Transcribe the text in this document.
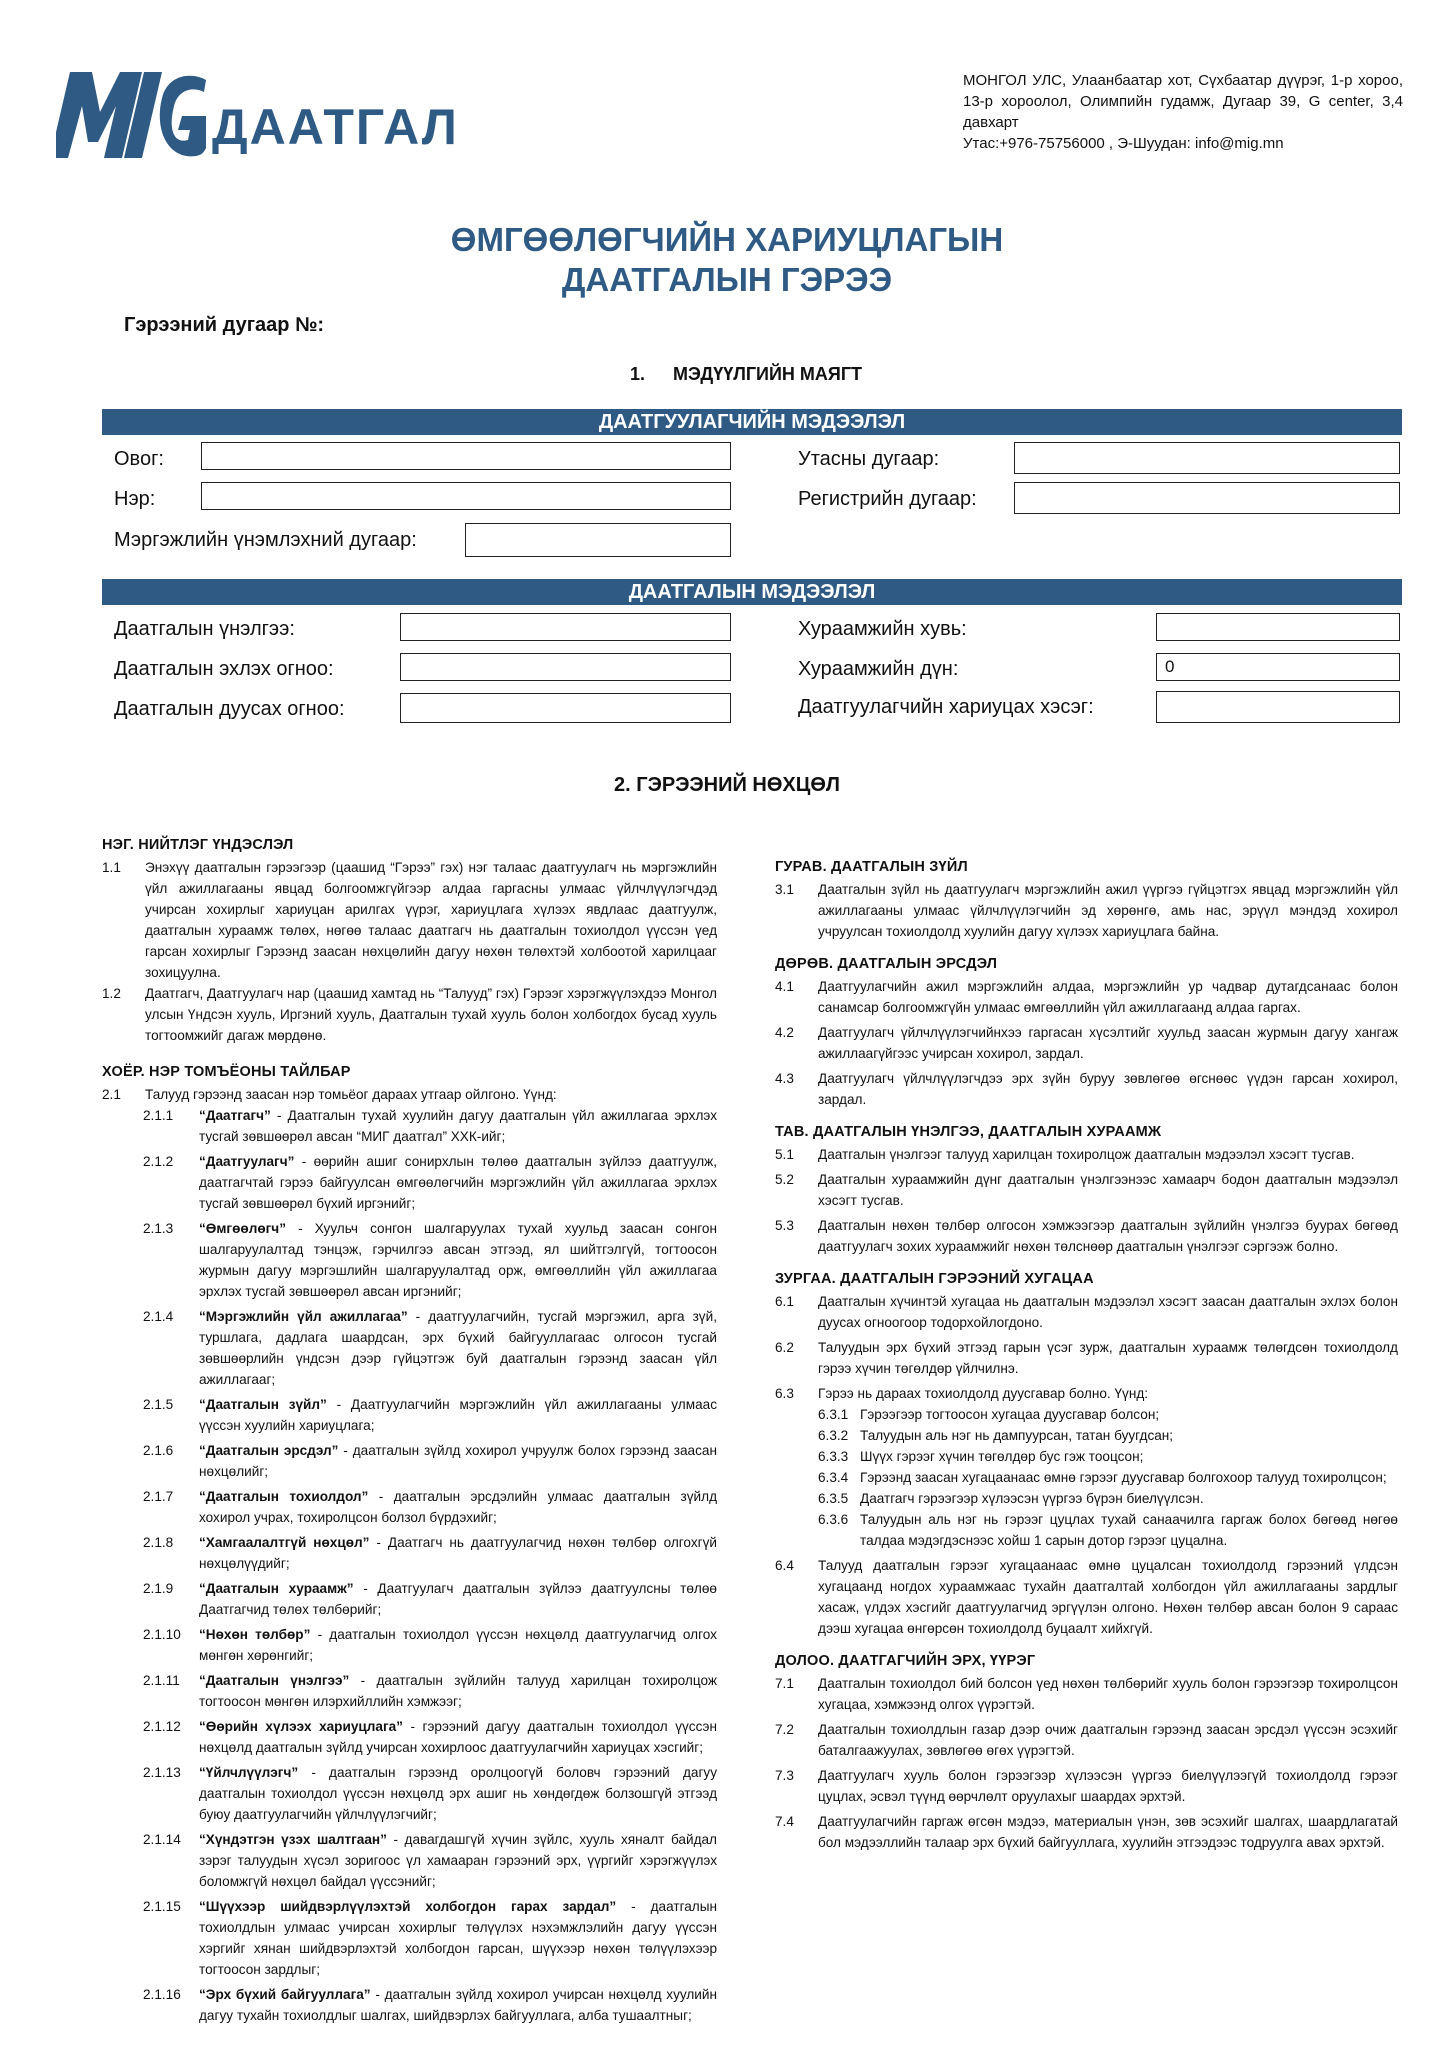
ДААТГАЛ
МОНГОЛ УЛС, Улаанбаатар хот, Сүхбаатар дүүрэг, 1-р хороо, 13-р хороолол, Олимпийн гудамж, Дугаар 39, G center, 3,4 давхарт
Утас:+976-75756000 , Э-Шуудан: info@mig.mn
ӨМГӨӨЛӨГЧИЙН ХАРИУЦЛАГЫН
ДААТГАЛЫН ГЭРЭЭ
Гэрээний дугаар №:
1. МЭДҮҮЛГИЙН МАЯГТ
ДААТГУУЛАГЧИЙН МЭДЭЭЛЭЛ
Овог:
Нэр:
Мэргэжлийн үнэмлэхний дугаар:
Утасны дугаар:
Регистрийн дугаар:
ДААТГАЛЫН МЭДЭЭЛЭЛ
Даатгалын үнэлгээ:
Даатгалын эхлэх огноо:
Даатгалын дуусах огноо:
Хураамжийн хувь:
Хураамжийн дүн:	0
Даатгуулагчийн хариуцах хэсэг:
2. ГЭРЭЭНИЙ НӨХЦӨЛ
НЭГ. НИЙТЛЭГ ҮНДЭСЛЭЛ
1.1	Энэхүү даатгалын гэрээгээр (цаашид “Гэрээ” гэх) нэг талаас даатгуулагч нь мэргэжлийн үйл ажиллагааны явцад болгоомжгүйгээр алдаа гаргасны улмаас үйлчлүүлэгчдэд учирсан хохирлыг хариуцан арилгах үүрэг, хариуцлага хүлээх явдлаас даатгуулж, даатгалын хураамж төлөх, нөгөө талаас даатгагч нь даатгалын тохиолдол үүссэн үед гарсан хохирлыг Гэрээнд заасан нөхцөлийн дагуу нөхөн төлөхтэй холбоотой харилцааг зохицуулна.
1.2	Даатгагч, Даатгуулагч нар (цаашид хамтад нь “Талууд” гэх) Гэрээг хэрэгжүүлэхдээ Монгол улсын Үндсэн хууль, Иргэний хууль, Даатгалын тухай хууль болон холбогдох бусад хууль тогтоомжийг дагаж мөрдөнө.
ХОЁР. НЭР ТОМЪЁОНЫ ТАЙЛБАР
2.1	Талууд гэрээнд заасан нэр томьёог дараах утгаар ойлгоно. Үүнд:
2.1.1	“Даатгагч” - Даатгалын тухай хуулийн дагуу даатгалын үйл ажиллагаа эрхлэх тусгай зөвшөөрөл авсан “МИГ даатгал” ХХК-ийг;
2.1.2	“Даатгуулагч” - өөрийн ашиг сонирхлын төлөө даатгалын зүйлээ даатгуулж, даатгагчтай гэрээ байгуулсан өмгөөлөгчийн мэргэжлийн үйл ажиллагаа эрхлэх тусгай зөвшөөрөл бүхий иргэнийг;
2.1.3	“Өмгөөлөгч” - Хуульч сонгон шалгаруулах тухай хуульд заасан сонгон шалгаруулалтад тэнцэж, гэрчилгээ авсан этгээд, ял шийтгэлгүй, тогтоосон журмын дагуу мэргэшлийн шалгаруулалтад орж, өмгөөллийн үйл ажиллагаа эрхлэх тусгай зөвшөөрөл авсан иргэнийг;
2.1.4	“Мэргэжлийн үйл ажиллагаа” - даатгуулагчийн, тусгай мэргэжил, арга зүй, туршлага, дадлага шаардсан, эрх бүхий байгууллагаас олгосон тусгай зөвшөөрлийн үндсэн дээр гүйцэтгэж буй даатгалын гэрээнд заасан үйл ажиллагааг;
2.1.5	“Даатгалын зүйл” - Даатгуулагчийн мэргэжлийн үйл ажиллагааны улмаас үүссэн хуулийн хариуцлага;
2.1.6	“Даатгалын эрсдэл” - даатгалын зүйлд хохирол учруулж болох гэрээнд заасан нөхцөлийг;
2.1.7	“Даатгалын тохиолдол” - даатгалын эрсдэлийн улмаас даатгалын зүйлд хохирол учрах, тохиролцсон болзол бүрдэхийг;
2.1.8	“Хамгаалалтгүй нөхцөл” - Даатгагч нь даатгуулагчид нөхөн төлбөр олгохгүй нөхцөлүүдийг;
2.1.9	“Даатгалын хураамж” - Даатгуулагч даатгалын зүйлээ даатгуулсны төлөө Даатгагчид төлөх төлбөрийг;
2.1.10	“Нөхөн төлбөр” - даатгалын тохиолдол үүссэн нөхцөлд даатгуулагчид олгох мөнгөн хөрөнгийг;
2.1.11	“Даатгалын үнэлгээ” - даатгалын зүйлийн талууд харилцан тохиролцож тогтоосон мөнгөн илэрхийллийн хэмжээг;
2.1.12	“Өөрийн хүлээх хариуцлага” - гэрээний дагуу даатгалын тохиолдол үүссэн нөхцөлд даатгалын зүйлд учирсан хохирлоос даатгуулагчийн хариуцах хэсгийг;
2.1.13	“Үйлчлүүлэгч” - даатгалын гэрээнд оролцоогүй боловч гэрээний дагуу даатгалын тохиолдол үүссэн нөхцөлд эрх ашиг нь хөндөгдөж болзошгүй этгээд буюу даатгуулагчийн үйлчлүүлэгчийг;
2.1.14	“Хүндэтгэн үзэх шалтгаан” - давагдашгүй хүчин зүйлс, хууль хяналт байдал зэрэг талуудын хүсэл зоригоос үл хамааран гэрээний эрх, үүргийг хэрэгжүүлэх боломжгүй нөхцөл байдал үүссэнийг;
2.1.15	“Шүүхээр шийдвэрлүүлэхтэй холбогдон гарах зардал” - даатгалын тохиолдлын улмаас учирсан хохирлыг төлүүлэх нэхэмжлэлийн дагуу үүссэн хэргийг хянан шийдвэрлэхтэй холбогдон гарсан, шүүхээр нөхөн төлүүлэхээр тогтоосон зардлыг;
2.1.16	“Эрх бүхий байгууллага” - даатгалын зүйлд хохирол учирсан нөхцөлд хуулийн дагуу тухайн тохиолдлыг шалгах, шийдвэрлэх байгууллага, алба тушаалтныг;
ГУРАВ. ДААТГАЛЫН ЗҮЙЛ
3.1	Даатгалын зүйл нь даатгуулагч мэргэжлийн ажил үүргээ гүйцэтгэх явцад мэргэжлийн үйл ажиллагааны улмаас үйлчлүүлэгчийн эд хөрөнгө, амь нас, эрүүл мэндэд хохирол учруулсан тохиолдолд хуулийн дагуу хүлээх хариуцлага байна.
ДӨРӨВ. ДААТГАЛЫН ЭРСДЭЛ
4.1	Даатгуулагчийн ажил мэргэжлийн алдаа, мэргэжлийн ур чадвар дутагдсанаас болон санамсар болгоомжгүйн улмаас өмгөөллийн үйл ажиллагаанд алдаа гаргах.
4.2	Даатгуулагч үйлчлүүлэгчийнхээ гаргасан хүсэлтийг хуульд заасан журмын дагуу хангаж ажиллаагүйгээс учирсан хохирол, зардал.
4.3	Даатгуулагч үйлчлүүлэгчдээ эрх зүйн буруу зөвлөгөө өгснөөс үүдэн гарсан хохирол, зардал.
ТАВ. ДААТГАЛЫН ҮНЭЛГЭЭ, ДААТГАЛЫН ХУРААМЖ
5.1	Даатгалын үнэлгээг талууд харилцан тохиролцож даатгалын мэдээлэл хэсэгт тусгав.
5.2	Даатгалын хураамжийн дүнг даатгалын үнэлгээнээс хамаарч бодон даатгалын мэдээлэл хэсэгт тусгав.
5.3	Даатгалын нөхөн төлбөр олгосон хэмжээгээр даатгалын зүйлийн үнэлгээ буурах бөгөөд даатгуулагч зохих хураамжийг нөхөн төлснөөр даатгалын үнэлгээг сэргээж болно.
ЗУРГАА. ДААТГАЛЫН ГЭРЭЭНИЙ ХУГАЦАА
6.1	Даатгалын хүчинтэй хугацаа нь даатгалын мэдээлэл хэсэгт заасан даатгалын эхлэх болон дуусах огноогоор тодорхойлогдоно.
6.2	Талуудын эрх бүхий этгээд гарын үсэг зурж, даатгалын хураамж төлөгдсөн тохиолдолд гэрээ хүчин төгөлдөр үйлчилнэ.
6.3	Гэрээ нь дараах тохиолдолд дуусгавар болно. Үүнд:
6.3.1 Гэрээгээр тогтоосон хугацаа дуусгавар болсон;
6.3.2 Талуудын аль нэг нь дампуурсан, татан буугдсан;
6.3.3 Шүүх гэрээг хүчин төгөлдөр бус гэж тооцсон;
6.3.4 Гэрээнд заасан хугацаанаас өмнө гэрээг дуусгавар болгохоор талууд тохиролцсон;
6.3.5 Даатгагч гэрээгээр хүлээсэн үүргээ бүрэн биелүүлсэн.
6.3.6 Талуудын аль нэг нь гэрээг цуцлах тухай санаачилга гаргаж болох бөгөөд нөгөө талдаа мэдэгдэснээс хойш 1 сарын дотор гэрээг цуцална.
6.4	Талууд даатгалын гэрээг хугацаанаас өмнө цуцалсан тохиолдолд гэрээний үлдсэн хугацаанд ногдох хураамжаас тухайн даатгалтай холбогдон үйл ажиллагааны зардлыг хасаж, үлдэх хэсгийг даатгуулагчид эргүүлэн олгоно. Нөхөн төлбөр авсан болон 9 сараас дээш хугацаа өнгөрсөн тохиолдолд буцаалт хийхгүй.
ДОЛОО. ДААТГАГЧИЙН ЭРХ, ҮҮРЭГ
7.1	Даатгалын тохиолдол бий болсон үед нөхөн төлбөрийг хууль болон гэрээгээр тохиролцсон хугацаа, хэмжээнд олгох үүрэгтэй.
7.2	Даатгалын тохиолдлын газар дээр очиж даатгалын гэрээнд заасан эрсдэл үүссэн эсэхийг баталгаажуулах, зөвлөгөө өгөх үүрэгтэй.
7.3	Даатгуулагч хууль болон гэрээгээр хүлээсэн үүргээ биелүүлээгүй тохиолдолд гэрээг цуцлах, эсвэл түүнд өөрчлөлт оруулахыг шаардах эрхтэй.
7.4	Даатгуулагчийн гаргаж өгсөн мэдээ, материалын үнэн, зөв эсэхийг шалгах, шаардлагатай бол мэдээллийн талаар эрх бүхий байгууллага, хуулийн этгээдээс тодруулга авах эрхтэй.
